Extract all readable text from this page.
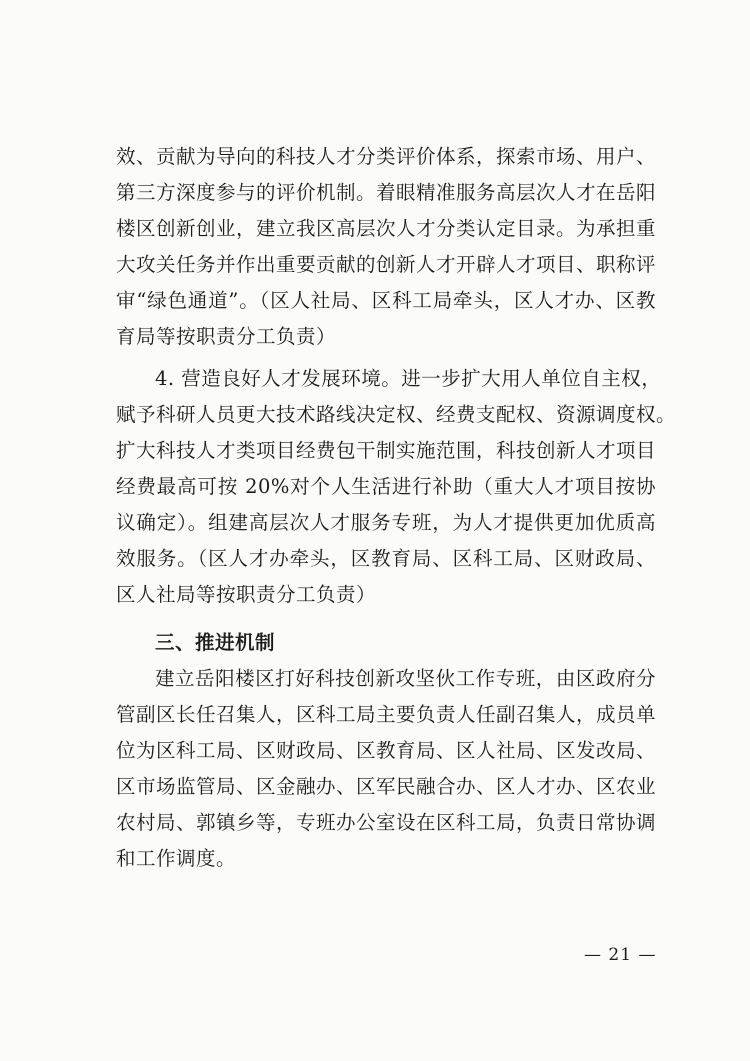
效、贡献为导向的科技人才分类评价体系，探索市场、用户、
第三方深度参与的评价机制。着眼精准服务高层次人才在岳阳
楼区创新创业，建立我区高层次人才分类认定目录。为承担重
大攻关任务并作出重要贡献的创新人才开辟人才项目、职称评
审“绿色通道”。（区人社局、区科工局牵头，区人才办、区教
育局等按职责分工负责）
4. 营造良好人才发展环境。进一步扩大用人单位自主权，
赋予科研人员更大技术路线决定权、经费支配权、资源调度权。
扩大科技人才类项目经费包干制实施范围，科技创新人才项目
经费最高可按 20%对个人生活进行补助（重大人才项目按协
议确定）。组建高层次人才服务专班，为人才提供更加优质高
效服务。（区人才办牵头，区教育局、区科工局、区财政局、
区人社局等按职责分工负责）
三、推进机制
建立岳阳楼区打好科技创新攻坚伙工作专班，由区政府分
管副区长任召集人，区科工局主要负责人任副召集人，成员单
位为区科工局、区财政局、区教育局、区人社局、区发改局、
区市场监管局、区金融办、区军民融合办、区人才办、区农业
农村局、郭镇乡等，专班办公室设在区科工局，负责日常协调
和工作调度。
— 21 —
